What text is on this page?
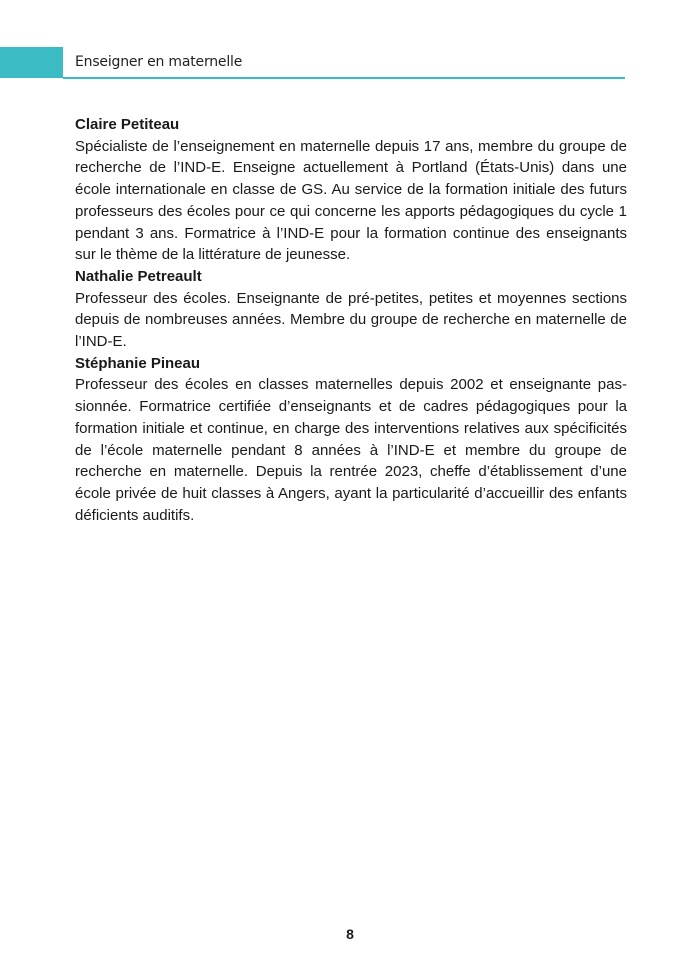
Enseigner en maternelle

Claire Petiteau

Spécialiste de l’enseignement en maternelle depuis 17 ans, membre du groupe de recherche de l’IND-E. Enseigne actuellement à Portland (États-Unis) dans une école internationale en classe de GS. Au service de la formation initiale des futurs professeurs des écoles pour ce qui concerne les apports pédagogiques du cycle 1 pendant 3 ans. Formatrice à l’IND-E pour la formation continue des enseignants sur le thème de la littérature de jeunesse.

Nathalie Petreault

Professeur des écoles. Enseignante de pré-petites, petites et moyennes sections depuis de nombreuses années. Membre du groupe de recherche en maternelle de l’IND-E.

Stéphanie Pineau

Professeur des écoles en classes maternelles depuis 2002 et enseignante passionnée. Formatrice certifiée d’enseignants et de cadres pédagogiques pour la formation initiale et continue, en charge des interventions relatives aux spécificités de l’école maternelle pendant 8 années à l’IND-E et membre du groupe de recherche en maternelle. Depuis la rentrée 2023, cheffe d’établissement d’une école privée de huit classes à Angers, ayant la particularité d’accueillir des enfants déficients auditifs.

8
